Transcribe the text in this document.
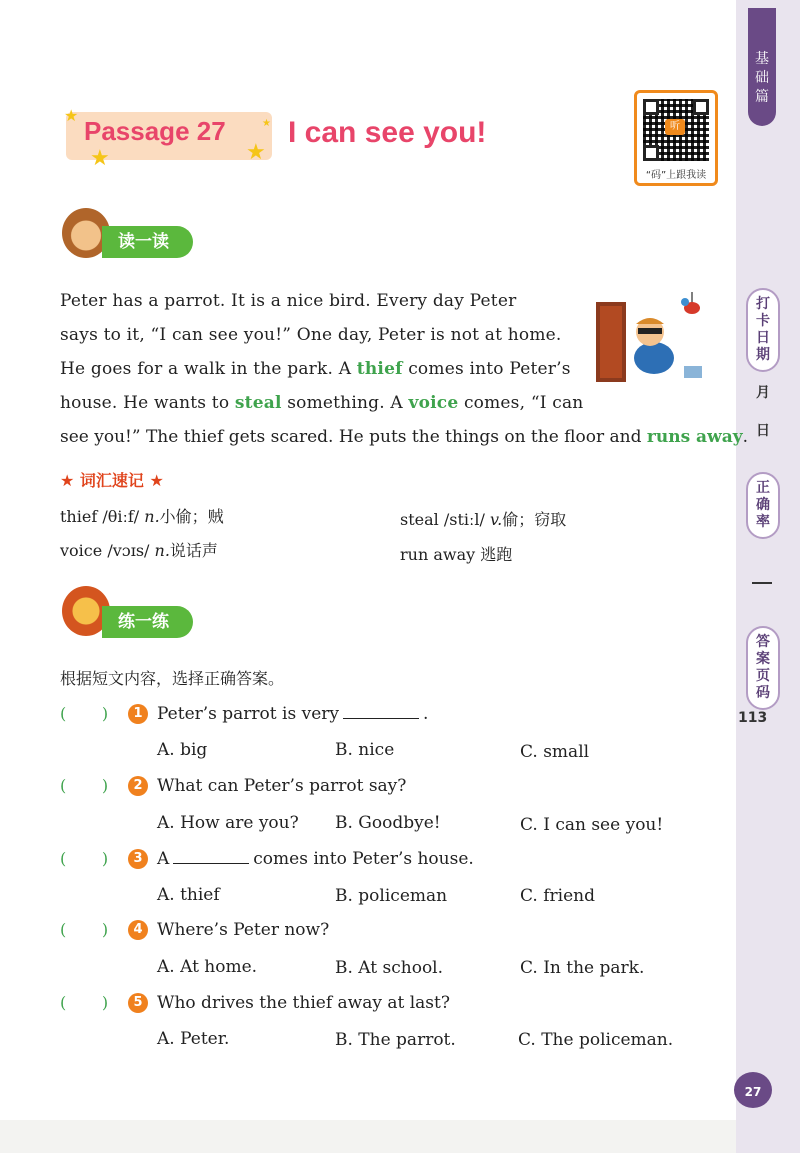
基础篇
打卡日期
月
日
正确率
答案页码
113
★
★	★
★
Passage 27 I can see you!	听
“码”上跟我读
读一读
Peter has a parrot. It is a nice bird. Every day Peter
says to it, “I can see you!” One day, Peter is not at home.
He goes for a walk in the park. A thief comes into Peter’s
house. He wants to steal something. A voice comes, “I can
see you!” The thief gets scared. He puts the things on the floor and runs away.
★ 词汇速记 ★
thief /θiːf/ n.小偷；贼	steal /stiːl/ v.偷；窃取
voice /vɔɪs/ n.说话声	run away 逃跑
练一练
根据短文内容，选择正确答案。
(       )	1 Peter’s parrot is very	.
A. big	B. nice	C. small
(       )	2 What can Peter’s parrot say?
A. How are you? B. Goodbye!	C. I can see you!
(       )	3 A	comes into Peter’s house.
A. thief	B. policeman	C. friend
(       )	4 Where’s Peter now?
A. At home.	B. At school.	C. In the park.
(       )	5 Who drives the thief away at last?
A. Peter.	B. The parrot.	C. The policeman.
27
